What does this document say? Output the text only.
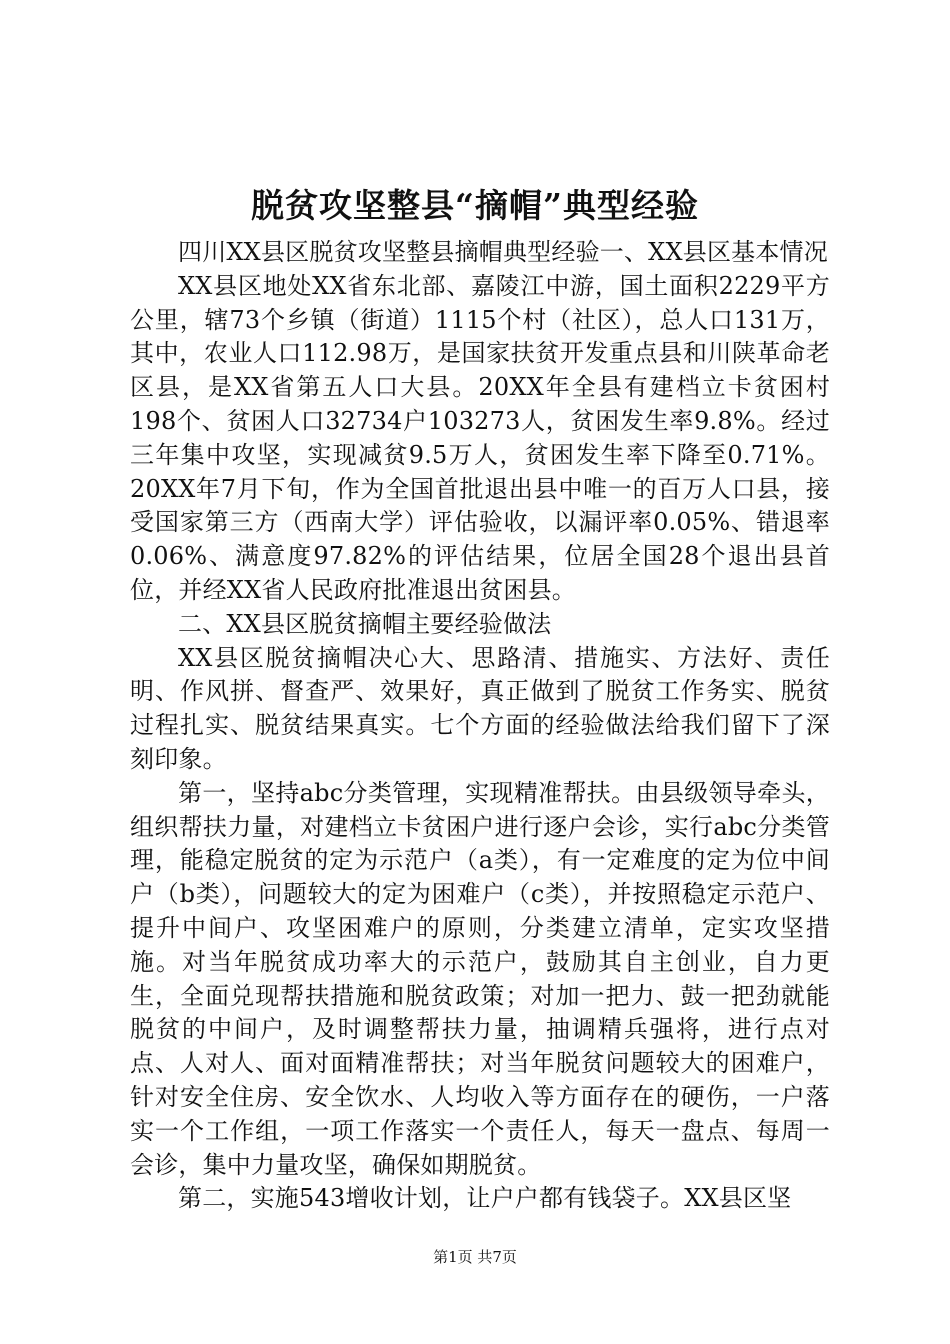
脱贫攻坚整县“摘帽”典型经验

四川XX县区脱贫攻坚整县摘帽典型经验一、XX县区基本情况

XX县区地处XX省东北部、嘉陵江中游，国土面积2229平方公里，辖73个乡镇（街道）1115个村（社区），总人口131万，其中，农业人口112.98万，是国家扶贫开发重点县和川陕革命老区县，是XX省第五人口大县。20XX年全县有建档立卡贫困村198个、贫困人口32734户103273人，贫困发生率9.8%。经过三年集中攻坚，实现减贫9.5万人，贫困发生率下降至0.71%。20XX年7月下旬，作为全国首批退出县中唯一的百万人口县，接受国家第三方（西南大学）评估验收，以漏评率0.05%、错退率0.06%、满意度97.82%的评估结果，位居全国28个退出县首位，并经XX省人民政府批准退出贫困县。

二、XX县区脱贫摘帽主要经验做法

XX县区脱贫摘帽决心大、思路清、措施实、方法好、责任明、作风拼、督查严、效果好，真正做到了脱贫工作务实、脱贫过程扎实、脱贫结果真实。七个方面的经验做法给我们留下了深刻印象。

第一，坚持abc分类管理，实现精准帮扶。由县级领导牵头，组织帮扶力量，对建档立卡贫困户进行逐户会诊，实行abc分类管理，能稳定脱贫的定为示范户（a类），有一定难度的定为位中间户（b类），问题较大的定为困难户（c类），并按照稳定示范户、提升中间户、攻坚困难户的原则，分类建立清单，定实攻坚措施。对当年脱贫成功率大的示范户，鼓励其自主创业，自力更生，全面兑现帮扶措施和脱贫政策；对加一把力、鼓一把劲就能脱贫的中间户，及时调整帮扶力量，抽调精兵强将，进行点对点、人对人、面对面精准帮扶；对当年脱贫问题较大的困难户，针对安全住房、安全饮水、人均收入等方面存在的硬伤，一户落实一个工作组，一项工作落实一个责任人，每天一盘点、每周一会诊，集中力量攻坚，确保如期脱贫。

第二，实施543增收计划，让户户都有钱袋子。XX县区坚

第1页 共7页
